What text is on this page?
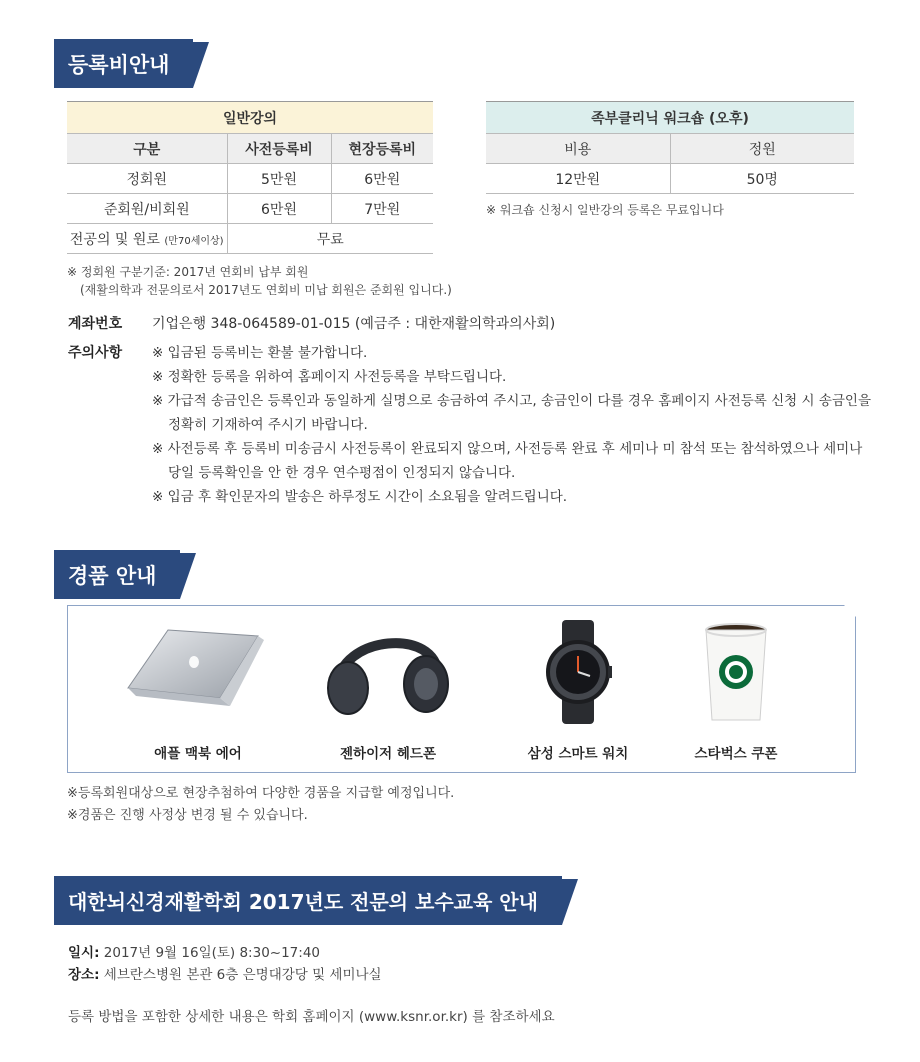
등록비안내
일반강의		
구분	사전등록비	현장등록비
정회원	5만원	6만원
준회원/비회원	6만원	7만원
전공의 및 원로 (만70세이상)	무료	
족부클리닉 워크숍 (오후)	
비용	정원
12만원	50명
※ 워크숍 신청시 일반강의 등록은 무료입니다
※ 정회원 구분기준: 2017년 연회비 납부 회원
(재활의학과 전문의로서 2017년도 연회비 미납 회원은 준회원 입니다.)
계좌번호 기업은행 348-064589-01-015 (예금주 : 대한재활의학과의사회)
주의사항	※ 입금된 등록비는 환불 불가합니다.
※ 정확한 등록을 위하여 홈페이지 사전등록을 부탁드립니다.
※ 가급적 송금인은 등록인과 동일하게 실명으로 송금하여 주시고, 송금인이 다를 경우 홈페이지 사전등록 신청 시 송금인을 정확히 기재하여 주시기 바랍니다.
※ 사전등록 후 등록비 미송금시 사전등록이 완료되지 않으며, 사전등록 완료 후 세미나 미 참석 또는 참석하였으나 세미나 당일 등록확인을 안 한 경우 연수평점이 인정되지 않습니다.
※ 입금 후 확인문자의 발송은 하루정도 시간이 소요됨을 알려드립니다.
경품 안내
애플 맥북 에어	젠하이저 헤드폰	삼성 스마트 워치	스타벅스 쿠폰
※등록회원대상으로 현장추첨하여 다양한 경품을 지급할 예정입니다.
※경품은 진행 사정상 변경 될 수 있습니다.
대한뇌신경재활학회 2017년도 전문의 보수교육 안내
일시: 2017년 9월 16일(토) 8:30~17:40
장소: 세브란스병원 본관 6층 은명대강당 및 세미나실
등록 방법을 포함한 상세한 내용은 학회 홈페이지 (www.ksnr.or.kr) 를 참조하세요
